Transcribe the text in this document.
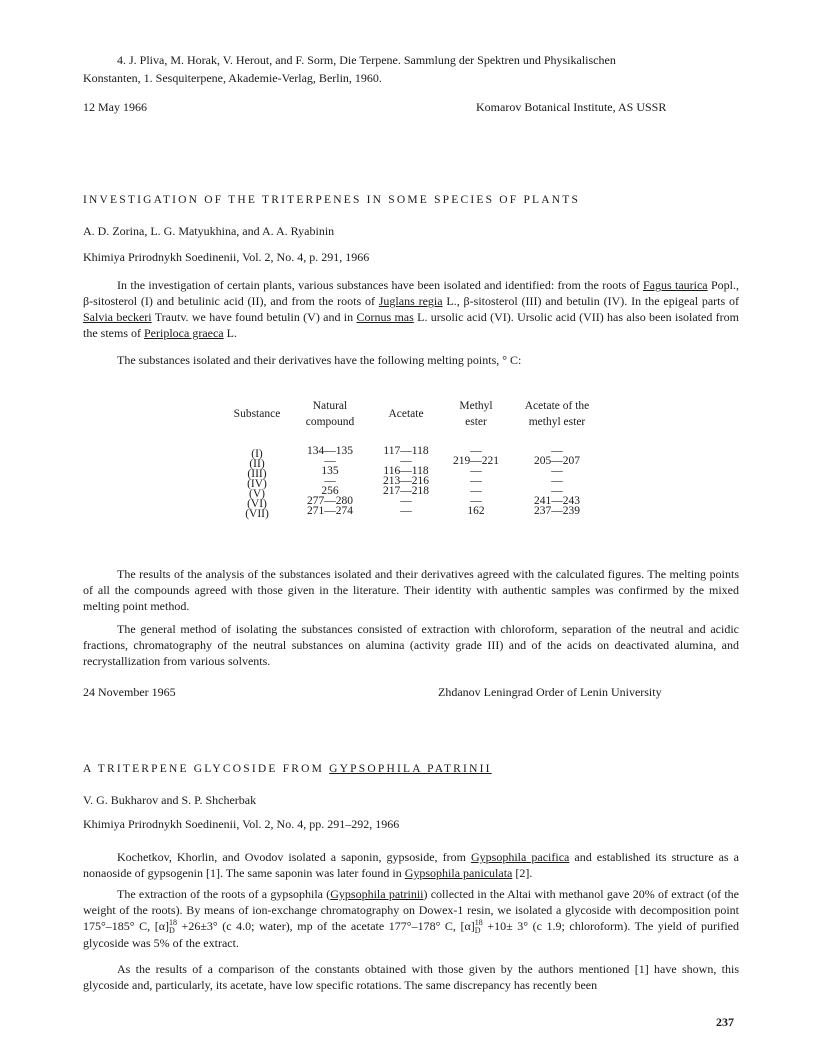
4. J. Pliva, M. Horak, V. Herout, and F. Sorm, Die Terpene. Sammlung der Spektren und Physikalischen
Konstanten, 1. Sesquiterpene, Akademie-Verlag, Berlin, 1960.
12 May 1966	Komarov Botanical Institute, AS USSR
INVESTIGATION OF THE TRITERPENES IN SOME SPECIES OF PLANTS
A. D. Zorina, L. G. Matyukhina, and A. A. Ryabinin
Khimiya Prirodnykh Soedinenii, Vol. 2, No. 4, p. 291, 1966
In the investigation of certain plants, various substances have been isolated and identified: from the roots of Fagus taurica Popl., β-sitosterol (I) and betulinic acid (II), and from the roots of Juglans regia L., β-sitosterol (III) and betulin (IV). In the epigeal parts of Salvia beckeri Trautv. we have found betulin (V) and in Cornus mas L. ursolic acid (VI). Ursolic acid (VII) has also been isolated from the stems of Periploca graeca L.
The substances isolated and their derivatives have the following melting points, ° C:
Substance
Natural
compound
Acetate
Methyl
ester
Acetate of the
methyl ester
(I)
(II)
(III)
(IV)
(V)
(VI)
(VII)
134—135
—
135
—
256
277—280
271—274
117—118
—
116—118
213—216
217—218
—
—
—
219—221
—
—
—
—
162
—
205—207
—
—
—
241—243
237—239
The results of the analysis of the substances isolated and their derivatives agreed with the calculated figures. The melting points of all the compounds agreed with those given in the literature. Their identity with authentic samples was confirmed by the mixed melting point method.
The general method of isolating the substances consisted of extraction with chloroform, separation of the neutral and acidic fractions, chromatography of the neutral substances on alumina (activity grade III) and of the acids on deactivated alumina, and recrystallization from various solvents.
24 November 1965	Zhdanov Leningrad Order of Lenin University
A TRITERPENE GLYCOSIDE FROM GYPSOPHILA PATRINII
V. G. Bukharov and S. P. Shcherbak
Khimiya Prirodnykh Soedinenii, Vol. 2, No. 4, pp. 291–292, 1966
Kochetkov, Khorlin, and Ovodov isolated a saponin, gypsoside, from Gypsophila pacifica and established its structure as a nonaoside of gypsogenin [1]. The same saponin was later found in Gypsophila paniculata [2].
The extraction of the roots of a gypsophila (Gypsophila patrinii) collected in the Altai with methanol gave 20% of extract (of the weight of the roots). By means of ion-exchange chromatography on Dowex-1 resin, we isolated a glycoside with decomposition point 175°–185° C, [α]18
D +26±3° (c 4.0; water), mp of the acetate 177°–178° C, [α]18
D +10± 3° (c 1.9; chloroform). The yield of purified glycoside was 5% of the extract.
As the results of a comparison of the constants obtained with those given by the authors mentioned [1] have shown, this glycoside and, particularly, its acetate, have low specific rotations. The same discrepancy has recently been
237
